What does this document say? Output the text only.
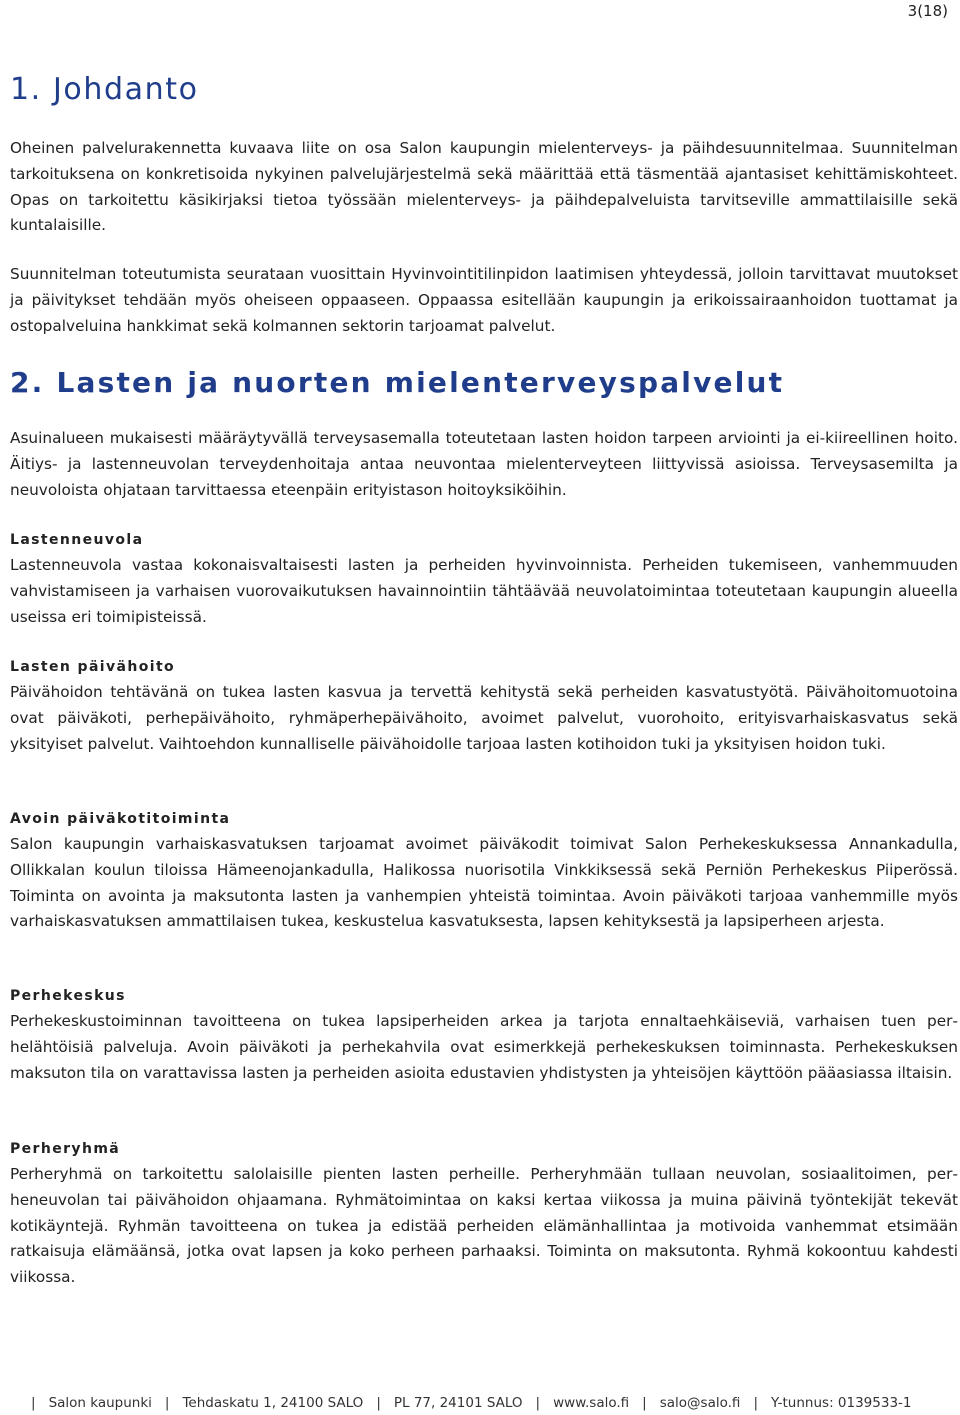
3(18)
1. Johdanto

Oheinen palvelurakennetta kuvaava liite on osa Salon kaupungin mielenterveys- ja päihdesuunnitelmaa. Suunnitelman tarkoituksena on konkretisoida nykyinen palvelujärjestelmä sekä määrittää että täsmentää ajantasiset kehittämiskohteet. Opas on tarkoitettu käsikirjaksi tietoa työssään mielenterveys- ja päihdepalveluista tarvitseville ammattilaisille sekä kuntalaisille.

Suunnitelman toteutumista seurataan vuosittain Hyvinvointitilinpidon laatimisen yhteydessä, jolloin tarvittavat muutokset ja päivitykset tehdään myös oheiseen oppaaseen. Oppaassa esitellään kaupungin ja erikoissairaanhoidon tuottamat ja ostopalveluina hankkimat sekä kolmannen sektorin tarjoamat palvelut.

2. Lasten ja nuorten mielenterveyspalvelut

Asuinalueen mukaisesti määräytyvällä terveysasemalla toteutetaan lasten hoidon tarpeen arviointi ja ei-kiireellinen hoito. Äitiys- ja lastenneuvolan terveydenhoitaja antaa neuvontaa mielenterveyteen liittyvissä asioissa. Terveysasemilta ja neuvoloista ohjataan tarvittaessa eteenpäin erityistason hoitoyksiköihin.

Lastenneuvola

Lastenneuvola vastaa kokonaisvaltaisesti lasten ja perheiden hyvinvoinnista. Perheiden tukemiseen, vanhemmuuden vahvistamiseen ja varhaisen vuorovaikutuksen havainnointiin tähtäävää neuvolatoimintaa toteutetaan kaupungin alueella useissa eri toimipisteissä.

Lasten päivähoito

Päivähoidon tehtävänä on tukea lasten kasvua ja tervettä kehitystä sekä perheiden kasvatustyötä. Päivähoitomuotoina ovat päiväkoti, perhepäivähoito, ryhmäperhepäivähoito, avoimet palvelut, vuorohoito, erityisvarhaiskasvatus sekä yksityiset palvelut. Vaihtoehdon kunnalliselle päivähoidolle tarjoaa lasten kotihoidon tuki ja yksityisen hoidon tuki.

Avoin päiväkotitoiminta

Salon kaupungin varhaiskasvatuksen tarjoamat avoimet päiväkodit toimivat Salon Perhekeskuksessa Annankadulla, Ollikkalan koulun tiloissa Hämeenojankadulla, Halikossa nuorisotila Vinkkiksessä sekä Perniön Perhekeskus Piiperössä. Toiminta on avointa ja maksutonta lasten ja vanhempien yhteistä toimintaa. Avoin päiväkoti tarjoaa vanhemmille myös varhaiskasvatuksen ammattilaisen tukea, keskustelua kasvatuksesta, lapsen kehityksestä ja lapsiperheen arjesta.

Perhekeskus

Perhekeskustoiminnan tavoitteena on tukea lapsiperheiden arkea ja tarjota ennaltaehkäiseviä, varhaisen tuen perhelähtöisiä palveluja. Avoin päiväkoti ja perhekahvila ovat esimerkkejä perhekeskuksen toiminnasta. Perhekeskuksen maksuton tila on varattavissa lasten ja perheiden asioita edustavien yhdistysten ja yhteisöjen käyttöön pääasiassa iltaisin.

Perheryhmä

Perheryhmä on tarkoitettu salolaisille pienten lasten perheille. Perheryhmään tullaan neuvolan, sosiaalitoimen, perheneuvolan tai päivähoidon ohjaamana. Ryhmätoimintaa on kaksi kertaa viikossa ja muina päivinä työntekijät tekevät kotikäyntejä. Ryhmän tavoitteena on tukea ja edistää perheiden elämänhallintaa ja motivoida vanhemmat etsimään ratkaisuja elämäänsä, jotka ovat lapsen ja koko perheen parhaaksi. Toiminta on maksutonta. Ryhmä kokoontuu kahdesti viikossa.

| Salon kaupunki | Tehdaskatu 1, 24100 SALO | PL 77, 24101 SALO | www.salo.fi | salo@salo.fi | Y-tunnus: 0139533-1
